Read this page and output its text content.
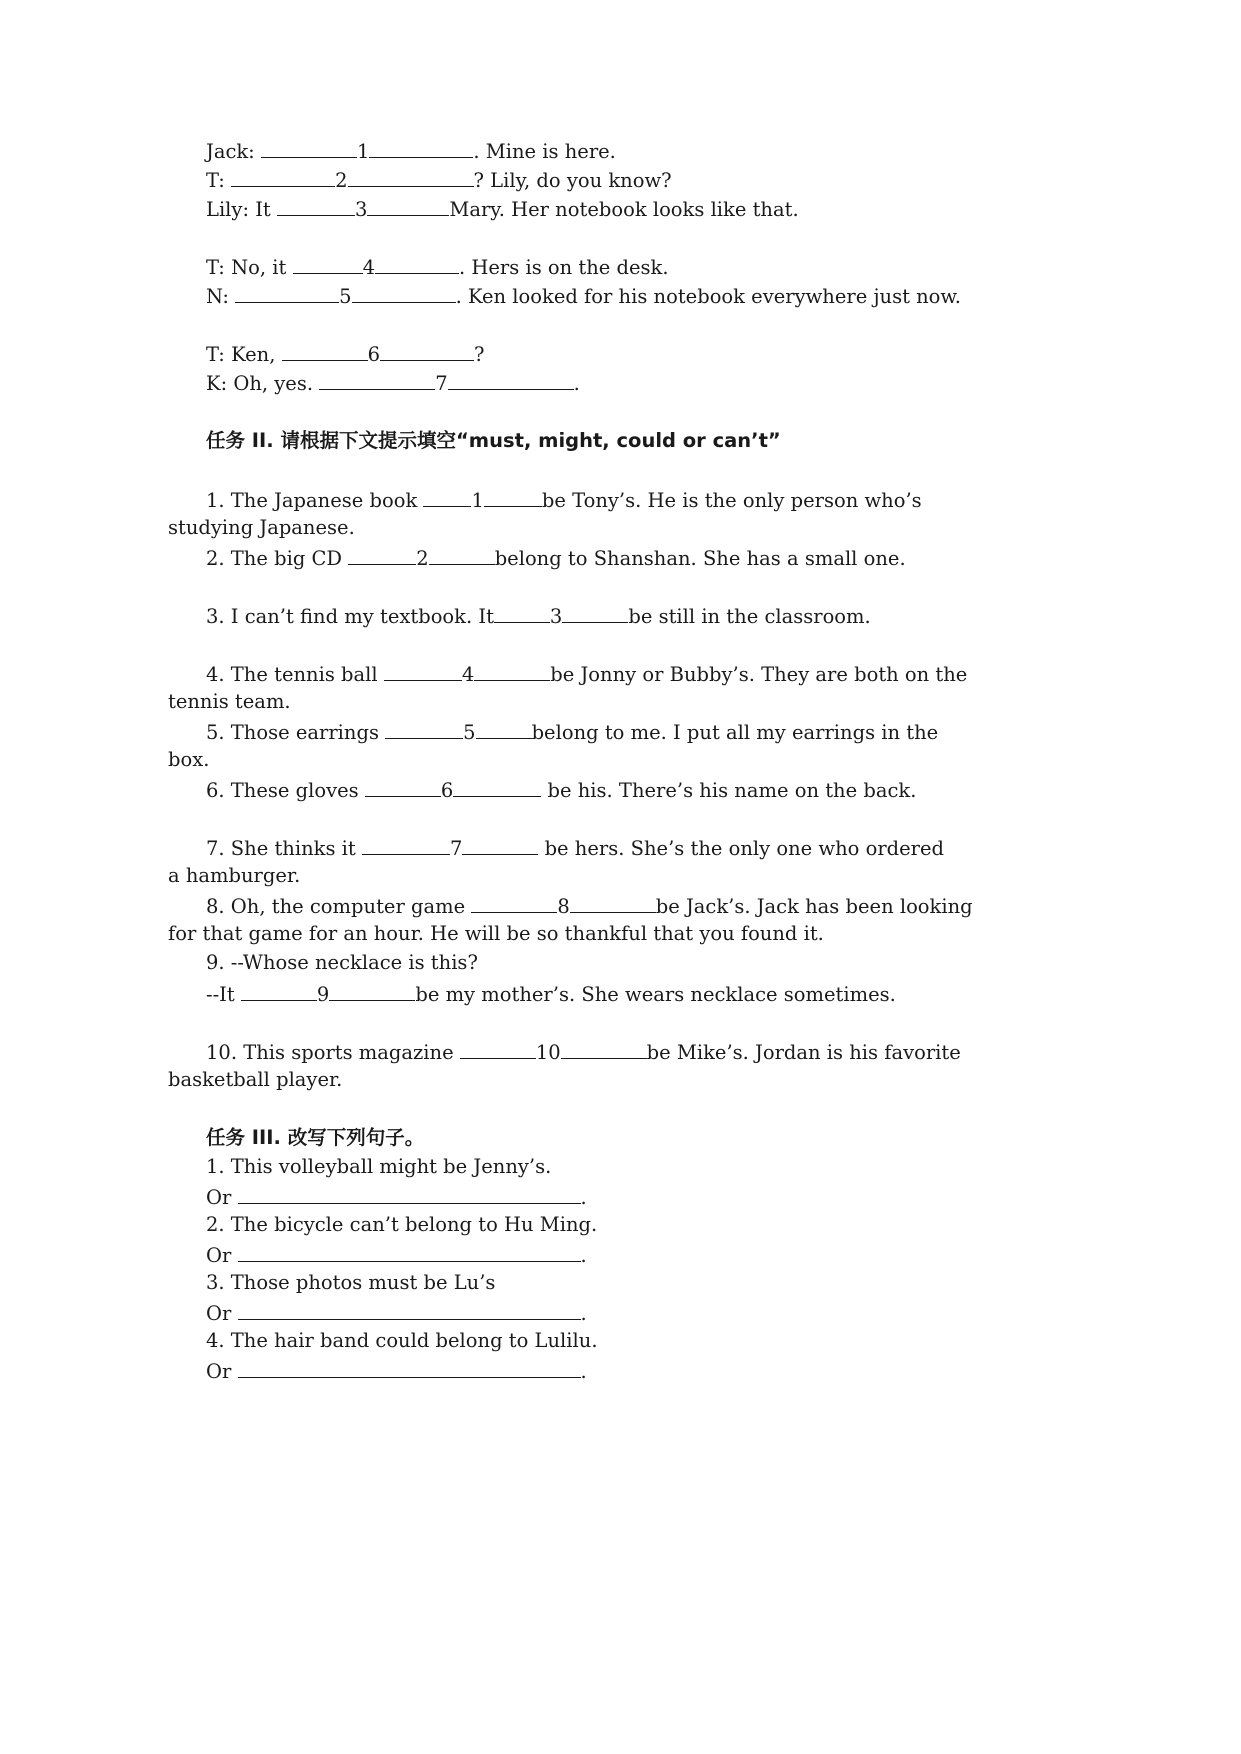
Jack:	1	. Mine is here.
T:	2	? Lily, do you know?
Lily: It	3	Mary. Her notebook looks like that.
T: No, it	4	. Hers is on the desk.
N:	5	. Ken looked for his notebook everywhere just now.
T: Ken,	6	?
K: Oh, yes.	7	.
任务 II. 请根据下文提示填空“must, might, could or can’t”
1. The Japanese book 1	be Tony’s. He is the only person who’s
studying Japanese.
2. The big CD	2	belong to Shanshan. She has a small one.
3. I can’t find my textbook. It	3	be still in the classroom.
4. The tennis ball	4	be Jonny or Bubby’s. They are both on the
tennis team.
5. Those earrings	5	belong to me. I put all my earrings in the
box.
6. These gloves	6	be his. There’s his name on the back.
7. She thinks it	7	be hers. She’s the only one who ordered
a hamburger.
8. Oh, the computer game	8	be Jack’s. Jack has been looking
for that game for an hour. He will be so thankful that you found it.
9. --Whose necklace is this?
--It	9	be my mother’s. She wears necklace sometimes.
10. This sports magazine	10	be Mike’s. Jordan is his favorite
basketball player.
任务 III. 改写下列句子。
1. This volleyball might be Jenny’s.
Or	.
2. The bicycle can’t belong to Hu Ming.
Or	.
3. Those photos must be Lu’s
Or	.
4. The hair band could belong to Lulilu.
Or	.
